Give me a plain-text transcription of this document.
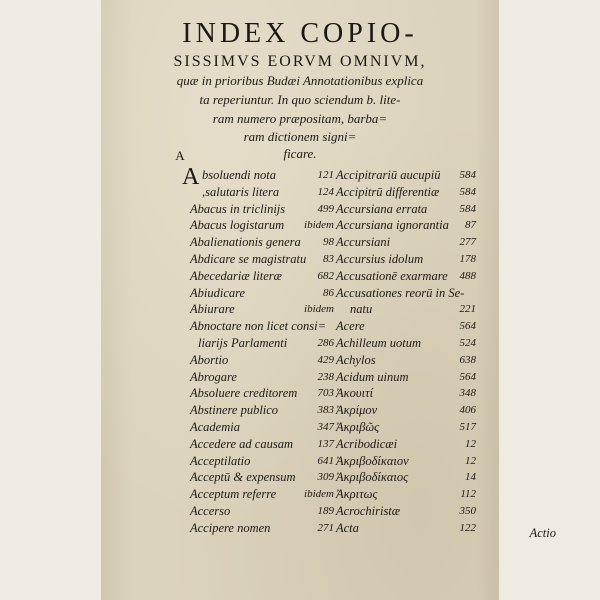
INDEX COPIO-
SISSIMVS EORVM OMNIVM,
quæ in prioribus Budæi Annotationibus explica
ta reperiuntur. In quo sciendum b. lite-
ram numero præpositam, barba=
ram dictionem signi=
ficare.
A
A bsoluendi nota	121
,salutaris litera	124
Abacus in triclinijs	499
Abacus logistarum ibidem
Abalienationis genera 98
Abdicare se magistratu 83
Abecedariæ literæ	682
Abiudicare	86
Abiurare	ibidem
Abnoctare non licet consi=
liarijs Parlamenti	286
Abortio	429
Abrogare	238
Absoluere creditorem 703
Abstinere publico	383
Academia	347
Accedere ad causam 137
Acceptilatio	641
Acceptū & expensum 309
Acceptum referre	ibidem
Accerso	189
Accipere nomen	271
Accipitrariū aucupiū 584
Accipitrū differentiæ 584
Accursiana errata	584
Accursiana ignorantia 87
Accursiani	277
Accursius idolum	178
Accusationē exarmare 488
Accusationes reorū in Se-
natu	221
Acere	564
Achilleum uotum	524
Achylos	638
Acidum uinum	564
Ἀκουιτί	348
Ἀκρίμον	406
Ἀκριβῶς	517
Acribodicæi	12
Ἀκριβοδίκαιον	12
Ἀκριβοδίκαιος	14
Ἀκριτως	112
Acrochiristæ	350
Acta	122	Actio
